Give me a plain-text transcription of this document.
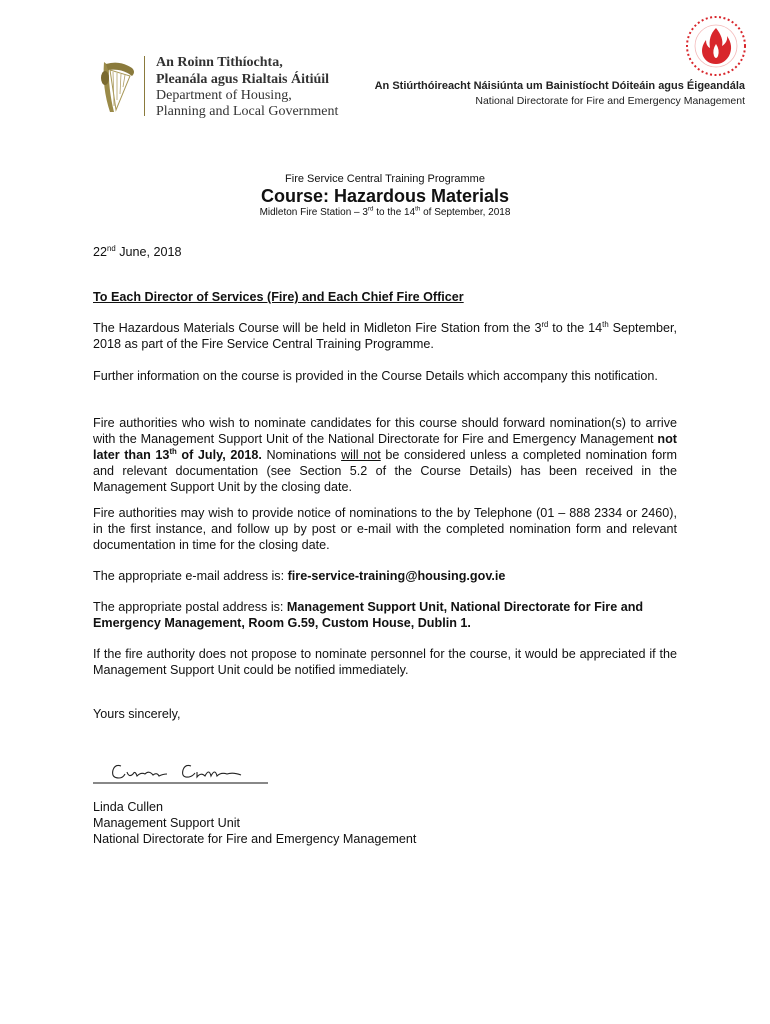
An Roinn Tithíochta,
Pleanála agus Rialtais Áitiúil
Department of Housing,
Planning and Local Government
An Stiúrthóireacht Náisiúnta um Bainistíocht Dóiteáin agus Éigeandála
National Directorate for Fire and Emergency Management
Fire Service Central Training Programme
Course: Hazardous Materials
Midleton Fire Station – 3rd to the 14th of September, 2018
22nd June, 2018
To Each Director of Services (Fire) and Each Chief Fire Officer
The Hazardous Materials Course will be held in Midleton Fire Station from the 3rd to the 14th September, 2018 as part of the Fire Service Central Training Programme.
Further information on the course is provided in the Course Details which accompany this notification.
Fire authorities who wish to nominate candidates for this course should forward nomination(s) to arrive with the Management Support Unit of the National Directorate for Fire and Emergency Management not later than 13th of July, 2018. Nominations will not be considered unless a completed nomination form and relevant documentation (see Section 5.2 of the Course Details) has been received in the Management Support Unit by the closing date.
Fire authorities may wish to provide notice of nominations to the by Telephone (01 – 888 2334 or 2460), in the first instance, and follow up by post or e-mail with the completed nomination form and relevant documentation in time for the closing date.
The appropriate e-mail address is: fire-service-training@housing.gov.ie
The appropriate postal address is: Management Support Unit, National Directorate for Fire and Emergency Management, Room G.59, Custom House, Dublin 1.
If the fire authority does not propose to nominate personnel for the course, it would be appreciated if the Management Support Unit could be notified immediately.
Yours sincerely,
Linda Cullen
Management Support Unit
National Directorate for Fire and Emergency Management
